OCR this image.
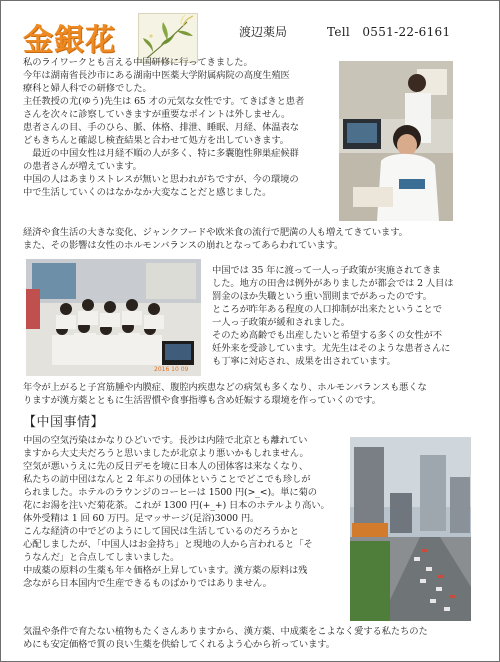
金銀花	渡辺薬局	Tell　0551-22-6161
私のライワークとも言える中国研修に行ってきました。
今年は湖南省長沙市にある湖南中医薬大学附属病院の高度生殖医
療科と婦人科での研修でした。
主任教授の尤(ゆう)先生は 65 才の元気な女性です。てきぱきと患者
さんを次々に診察していきますが重要なポイントは外しません。
患者さんの目、手のひら、脈、体格、排泄、睡眠、月経、体温表な
どもきちんと確認し検査結果と合わせて処方を出していきます。
　最近の中国女性は月経不順の人が多く、特に多囊胞性卵巣症候群
の患者さんが増えています。
中国の人はあまりストレスが無いと思われがちですが、今の環境の
中で生活していくのはなかなか大変なことだと感じました。
経済や食生活の大きな変化、ジャンクフードや欧米食の流行で肥満の人も増えてきています。
また、その影響は女性のホルモンバランスの崩れとなってあらわれています。
2016 10 09
中国では 35 年に渡って一人っ子政策が実施されてきま
した。地方の田舎は例外がありましたが都会では 2 人目は
罰金のほか失職という重い罰則までがあったのです。
ところが昨年ある程度の人口抑制が出来たということで
一人っ子政策が緩和されました。
そのため高齢でも出産したいと希望する多くの女性が不
妊外来を受診しています。尤先生はそのような患者さんに
も丁寧に対応され、成果を出されています。
年令が上がると子宮筋腫や内膜症、腹腔内疾患などの病気も多くなり、ホルモンバランスも悪くな
りますが漢方薬とともに生活習慣や食事指導も含め妊娠する環境を作っていくのです。
【中国事情】
中国の空気汚染はかなりひどいです。長沙は内陸で北京とも離れてい
ますから大丈夫だろうと思いましたが北京より悪いかもしれません。
空気が悪いうえに先の反日デモを境に日本人の団体客は来なくなり、
私たちの訪中団はなんと 2 年ぶりの団体ということでどこでも珍しが
られました。ホテルのラウンジのコーヒーは 1500 円(>_<)。単に菊の
花にお湯を注いだ菊花茶。これが 1300 円(+_+) 日本のホテルより高い。
体外受精は 1 回 60 万円。足マッサージ(足浴)3000 円。
こんな経済の中でどのようにして国民は生活しているのだろうかと
心配しましたが、「中国人はお金持ち」と現地の人から言われると「そ
うなんだ」と合点してしまいました。
中成薬の原料の生薬も年々価格が上昇しています。漢方薬の原料は残
念ながら日本国内で生産できるものばかりではありません。
気温や条件で育たない植物もたくさんありますから、漢方薬、中成薬をこよなく愛する私たちのた
めにも安定価格で質の良い生薬を供給してくれるよう心から祈っています。
